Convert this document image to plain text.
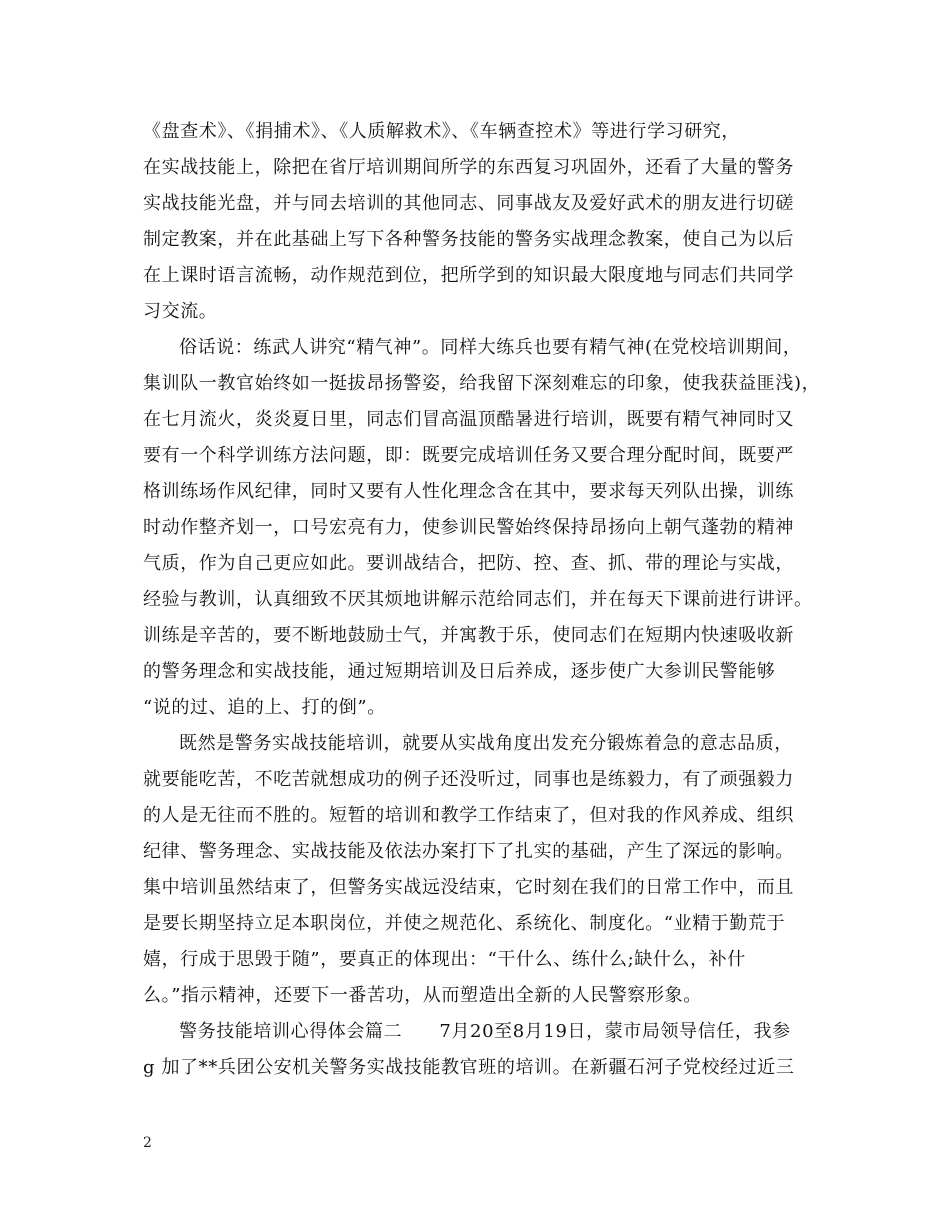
《盘查术》、《捐捕术》、《人质解救术》、《车辆查控术》等进行学习研究，
在实战技能上，除把在省厅培训期间所学的东西复习巩固外，还看了大量的警务
实战技能光盘，并与同去培训的其他同志、同事战友及爱好武术的朋友进行切磋
制定教案，并在此基础上写下各种警务技能的警务实战理念教案，使自己为以后
在上课时语言流畅，动作规范到位，把所学到的知识最大限度地与同志们共同学
习交流。
俗话说：练武人讲究“精气神”。同样大练兵也要有精气神(在党校培训期间，
集训队一教官始终如一挺拔昂扬警姿，给我留下深刻难忘的印象，使我获益匪浅)，
在七月流火，炎炎夏日里，同志们冒高温顶酷暑进行培训，既要有精气神同时又
要有一个科学训练方法问题，即：既要完成培训任务又要合理分配时间，既要严
格训练场作风纪律，同时又要有人性化理念含在其中，要求每天列队出操，训练
时动作整齐划一，口号宏亮有力，使参训民警始终保持昂扬向上朝气蓬勃的精神
气质，作为自己更应如此。要训战结合，把防、控、查、抓、带的理论与实战，
经验与教训，认真细致不厌其烦地讲解示范给同志们，并在每天下课前进行讲评。
训练是辛苦的，要不断地鼓励士气，并寓教于乐，使同志们在短期内快速吸收新
的警务理念和实战技能，通过短期培训及日后养成，逐步使广大参训民警能够
“说的过、追的上、打的倒”。
既然是警务实战技能培训，就要从实战角度出发充分锻炼着急的意志品质，
就要能吃苦，不吃苦就想成功的例子还没听过，同事也是练毅力，有了顽强毅力
的人是无往而不胜的。短暂的培训和教学工作结束了，但对我的作风养成、组织
纪律、警务理念、实战技能及依法办案打下了扎实的基础，产生了深远的影响。
集中培训虽然结束了，但警务实战远没结束，它时刻在我们的日常工作中，而且
是要长期坚持立足本职岗位，并使之规范化、系统化、制度化。“业精于勤荒于
嬉，行成于思毁于随”，要真正的体现出：“干什么、练什么;缺什么，补什
么。”指示精神，还要下一番苦功，从而塑造出全新的人民警察形象。
警务技能培训心得体会篇二　　7月20至8月19日，蒙市局领导信任，我参
g 加了**兵团公安机关警务实战技能教官班的培训。在新疆石河子党校经过近三
2
